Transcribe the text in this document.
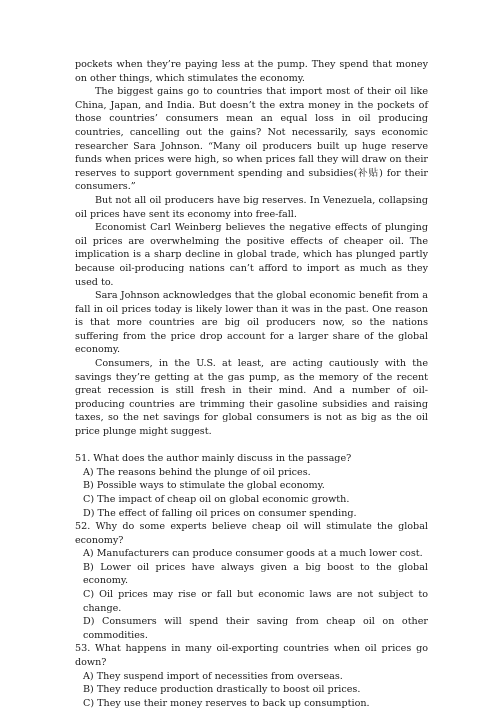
pockets when they’re paying less at the pump. They spend that money on other things, which stimulates the economy.

The biggest gains go to countries that import most of their oil like China, Japan, and India. But doesn’t the extra money in the pockets of those countries’ consumers mean an equal loss in oil producing countries, cancelling out the gains? Not necessarily, says economic researcher Sara Johnson. “Many oil producers built up huge reserve funds when prices were high, so when prices fall they will draw on their reserves to support government spending and subsidies(补贴) for their consumers.”

But not all oil producers have big reserves. In Venezuela, collapsing oil prices have sent its economy into free-fall.

Economist Carl Weinberg believes the negative effects of plunging oil prices are overwhelming the positive effects of cheaper oil. The implication is a sharp decline in global trade, which has plunged partly because oil-producing nations can’t afford to import as much as they used to.

Sara Johnson acknowledges that the global economic benefit from a fall in oil prices today is likely lower than it was in the past. One reason is that more countries are big oil producers now, so the nations suffering from the price drop account for a larger share of the global economy.

Consumers, in the U.S. at least, are acting cautiously with the savings they’re getting at the gas pump, as the memory of the recent great recession is still fresh in their mind. And a number of oil-producing countries are trimming their gasoline subsidies and raising taxes, so the net savings for global consumers is not as big as the oil price plunge might suggest.

51. What does the author mainly discuss in the passage?

A) The reasons behind the plunge of oil prices.

B) Possible ways to stimulate the global economy.

C) The impact of cheap oil on global economic growth.

D) The effect of falling oil prices on consumer spending.

52. Why do some experts believe cheap oil will stimulate the global economy?

A) Manufacturers can produce consumer goods at a much lower cost.

B) Lower oil prices have always given a big boost to the global economy.

C) Oil prices may rise or fall but economic laws are not subject to change.

D) Consumers will spend their saving from cheap oil on other commodities.

53. What happens in many oil-exporting countries when oil prices go down?

A) They suspend import of necessities from overseas.

B) They reduce production drastically to boost oil prices.

C) They use their money reserves to back up consumption.
